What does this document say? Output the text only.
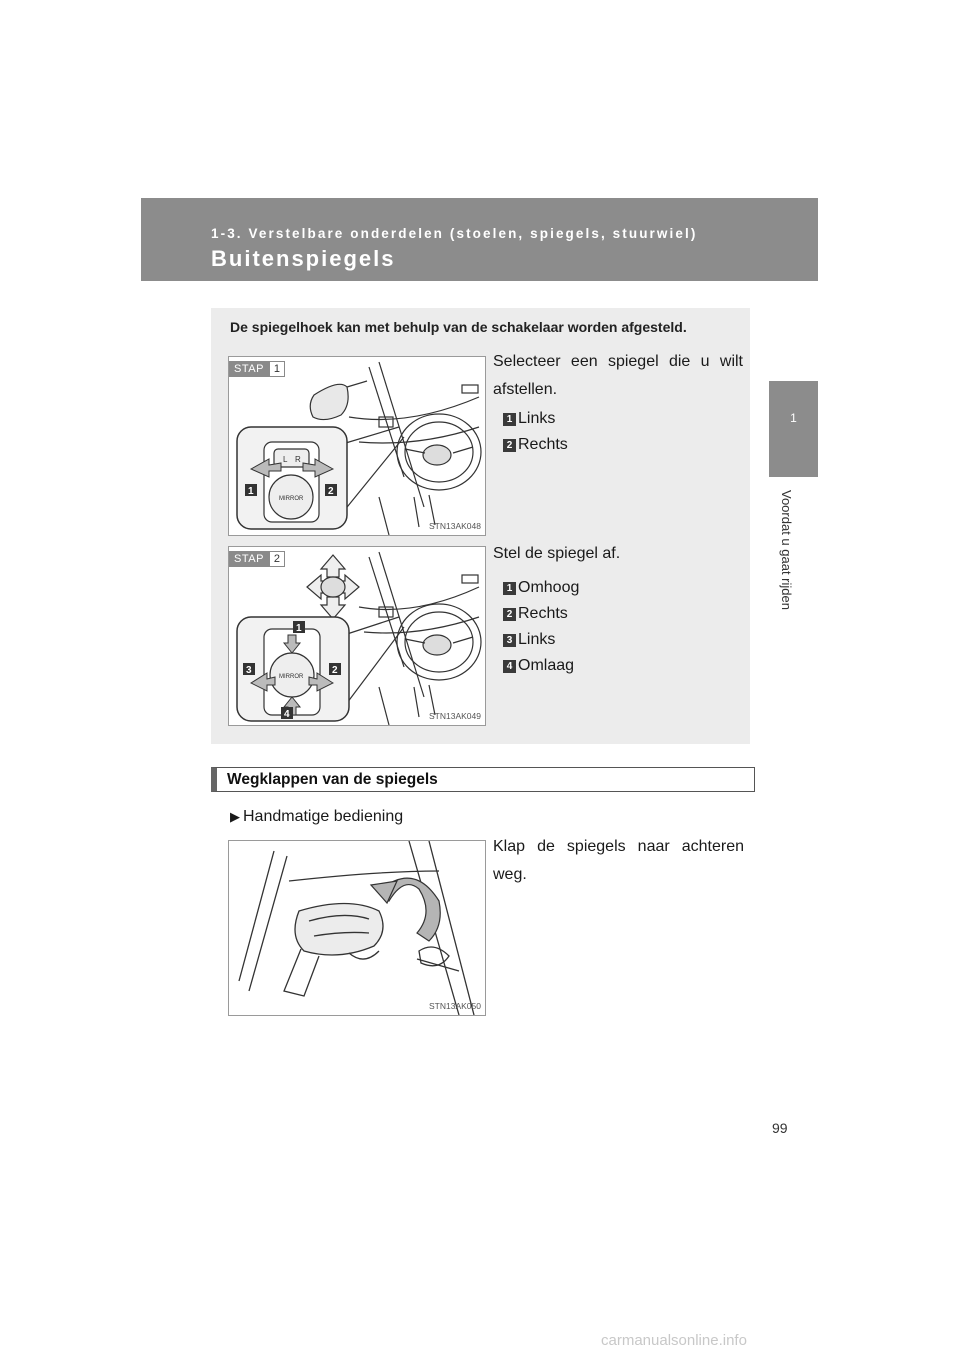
1-3. Verstelbare onderdelen (stoelen, spiegels, stuurwiel)
Buitenspiegels
1
Voordat u gaat rijden
99
De spiegelhoek kan met behulp van de schakelaar worden afgesteld.
STAP 1
L R
MIRROR
1	2
STN13AK048
Selecteer een spiegel die u wilt afstellen.
1 Links
2 Rechts
STAP 2
MIRROR
1
2
3
4	STN13AK049
Stel de spiegel af.
1 Omhoog
2 Rechts
3 Links
4 Omlaag
Wegklappen van de spiegels
▶ Handmatige bediening
STN13AK050
Klap de spiegels naar achteren weg.
carmanualsonline.info
